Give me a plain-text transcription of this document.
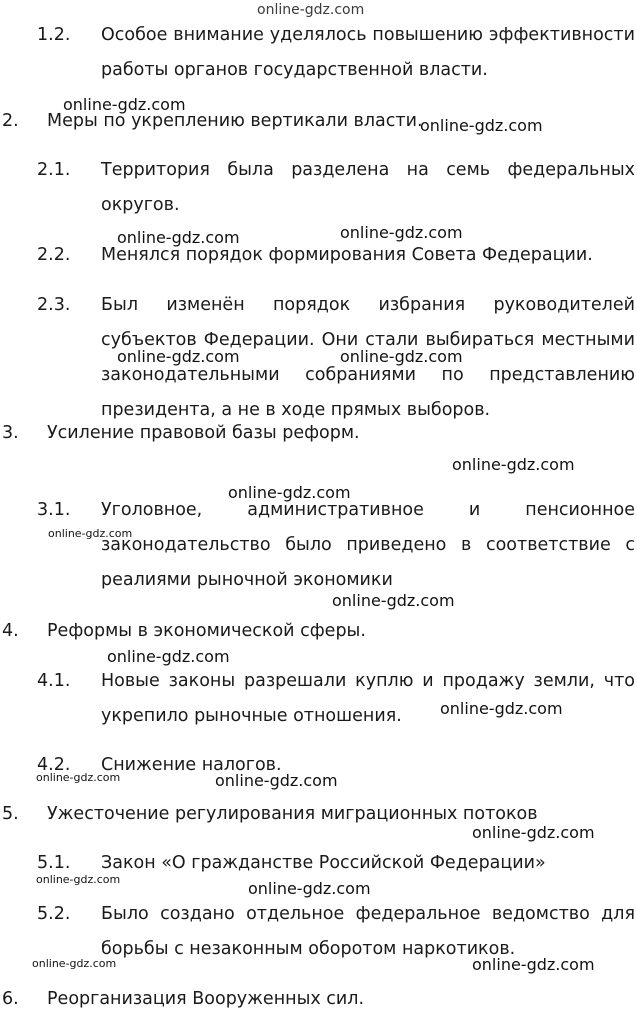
1.2. Особое внимание уделялось повышению эффективности работы органов государственной власти.
2. Меры по укреплению вертикали власти.
2.1. Территория была разделена на семь федеральных округов.
2.2. Менялся порядок формирования Совета Федерации.
2.3. Был изменён порядок избрания руководителей субъектов Федерации. Они стали выбираться местными законодательными собраниями по представлению президента, а не в ходе прямых выборов.
3. Усиление правовой базы реформ.
3.1. Уголовное, административное и пенсионное законодательство было приведено в соответствие с реалиями рыночной экономики
4. Реформы в экономической сферы.
4.1. Новые законы разрешали куплю и продажу земли, что укрепило рыночные отношения.
4.2. Снижение налогов.
5. Ужесточение регулирования миграционных потоков
5.1. Закон «О гражданстве Российской Федерации»
5.2. Было создано отдельное федеральное ведомство для борьбы с незаконным оборотом наркотиков.
6. Реорганизация Вооруженных сил.
online-gdz.com
online-gdz.com
online-gdz.com
online-gdz.com	online-gdz.com
online-gdz.com	online-gdz.com
online-gdz.com
online-gdz.com
online-gdz.com
online-gdz.com
online-gdz.com
online-gdz.com
online-gdz.com	online-gdz.com
online-gdz.com
online-gdz.com	online-gdz.com
online-gdz.com	online-gdz.com
